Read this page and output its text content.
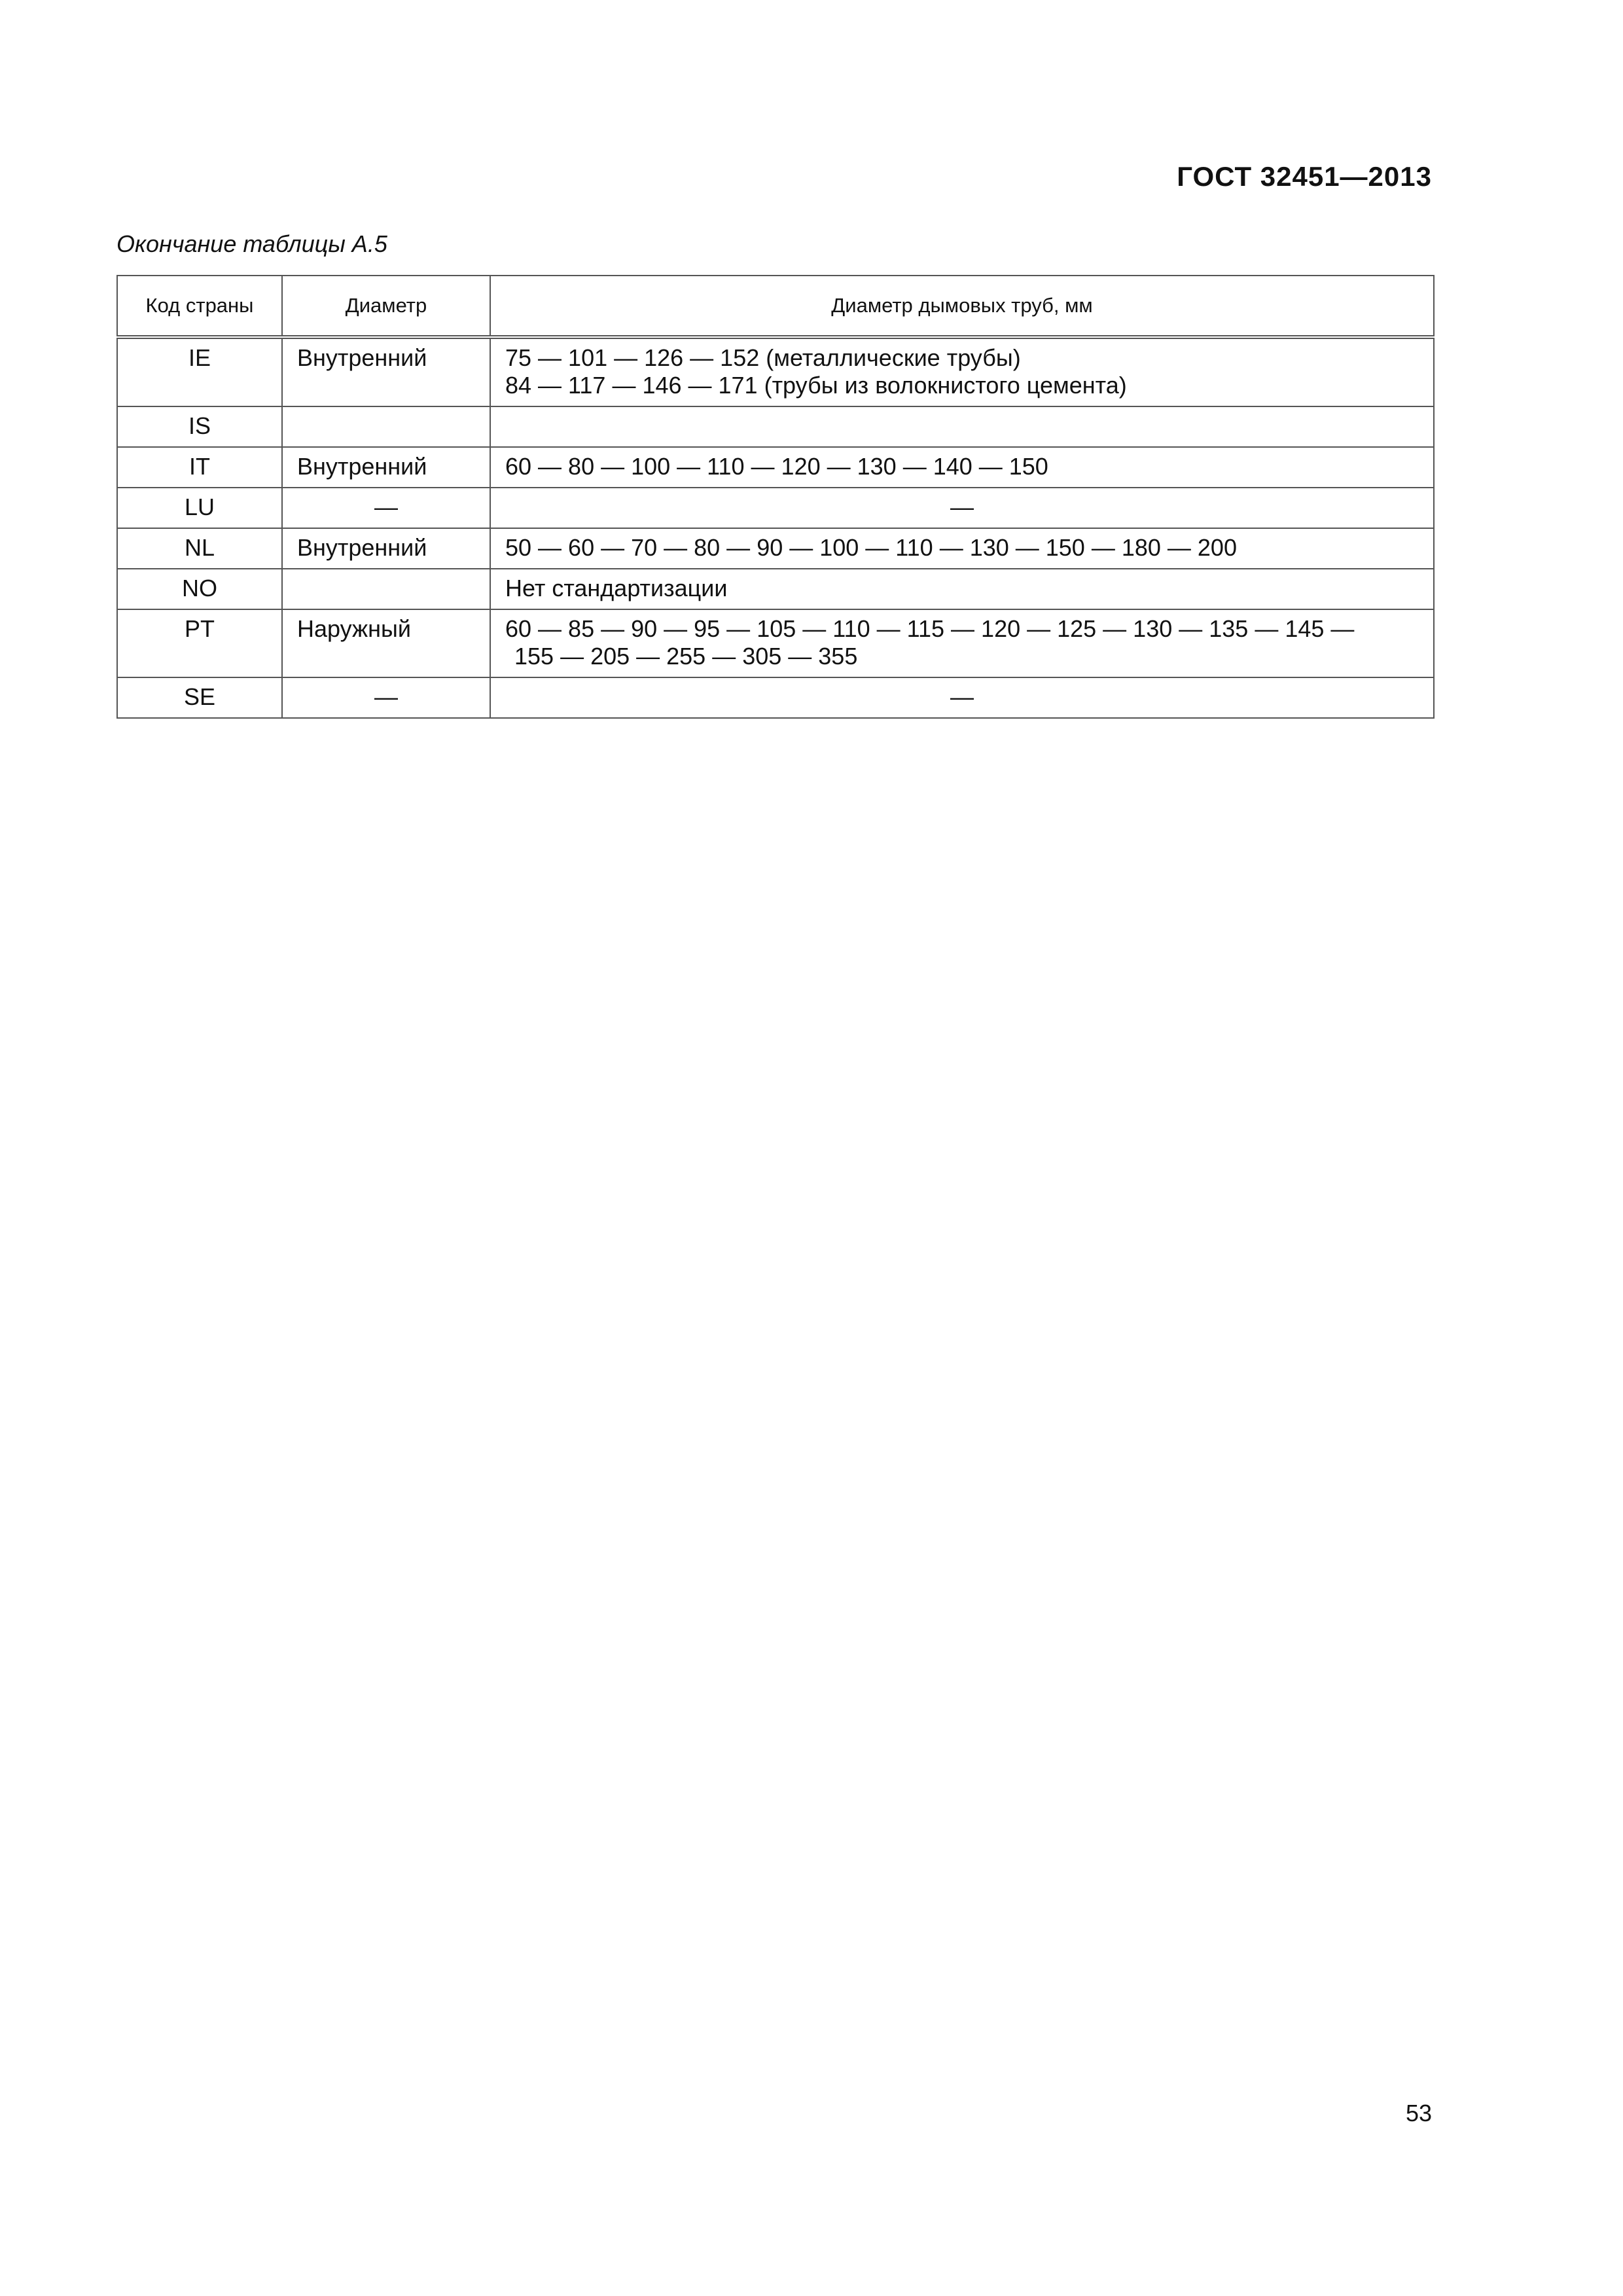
ГОСТ 32451—2013
Окончание таблицы А.5
Код страны	Диаметр	Диаметр дымовых труб, мм
IE	Внутренний	75 — 101 — 126 — 152 (металлические трубы)
84 — 117 — 146 — 171 (трубы из волокнистого цемента)

IS		

IT	Внутренний	60 — 80 — 100 — 110 — 120 — 130 — 140 — 150

LU	—	—

NL	Внутренний	50 — 60 — 70 — 80 — 90 — 100 — 110 — 130 — 150 — 180 — 200

NO		Нет стандартизации

PT	Наружный	60 — 85 — 90 — 95 — 105 — 110 — 115 — 120 — 125 — 130 — 135 — 145 —
155 — 205 — 255 — 305 — 355

SE	—	—
53
